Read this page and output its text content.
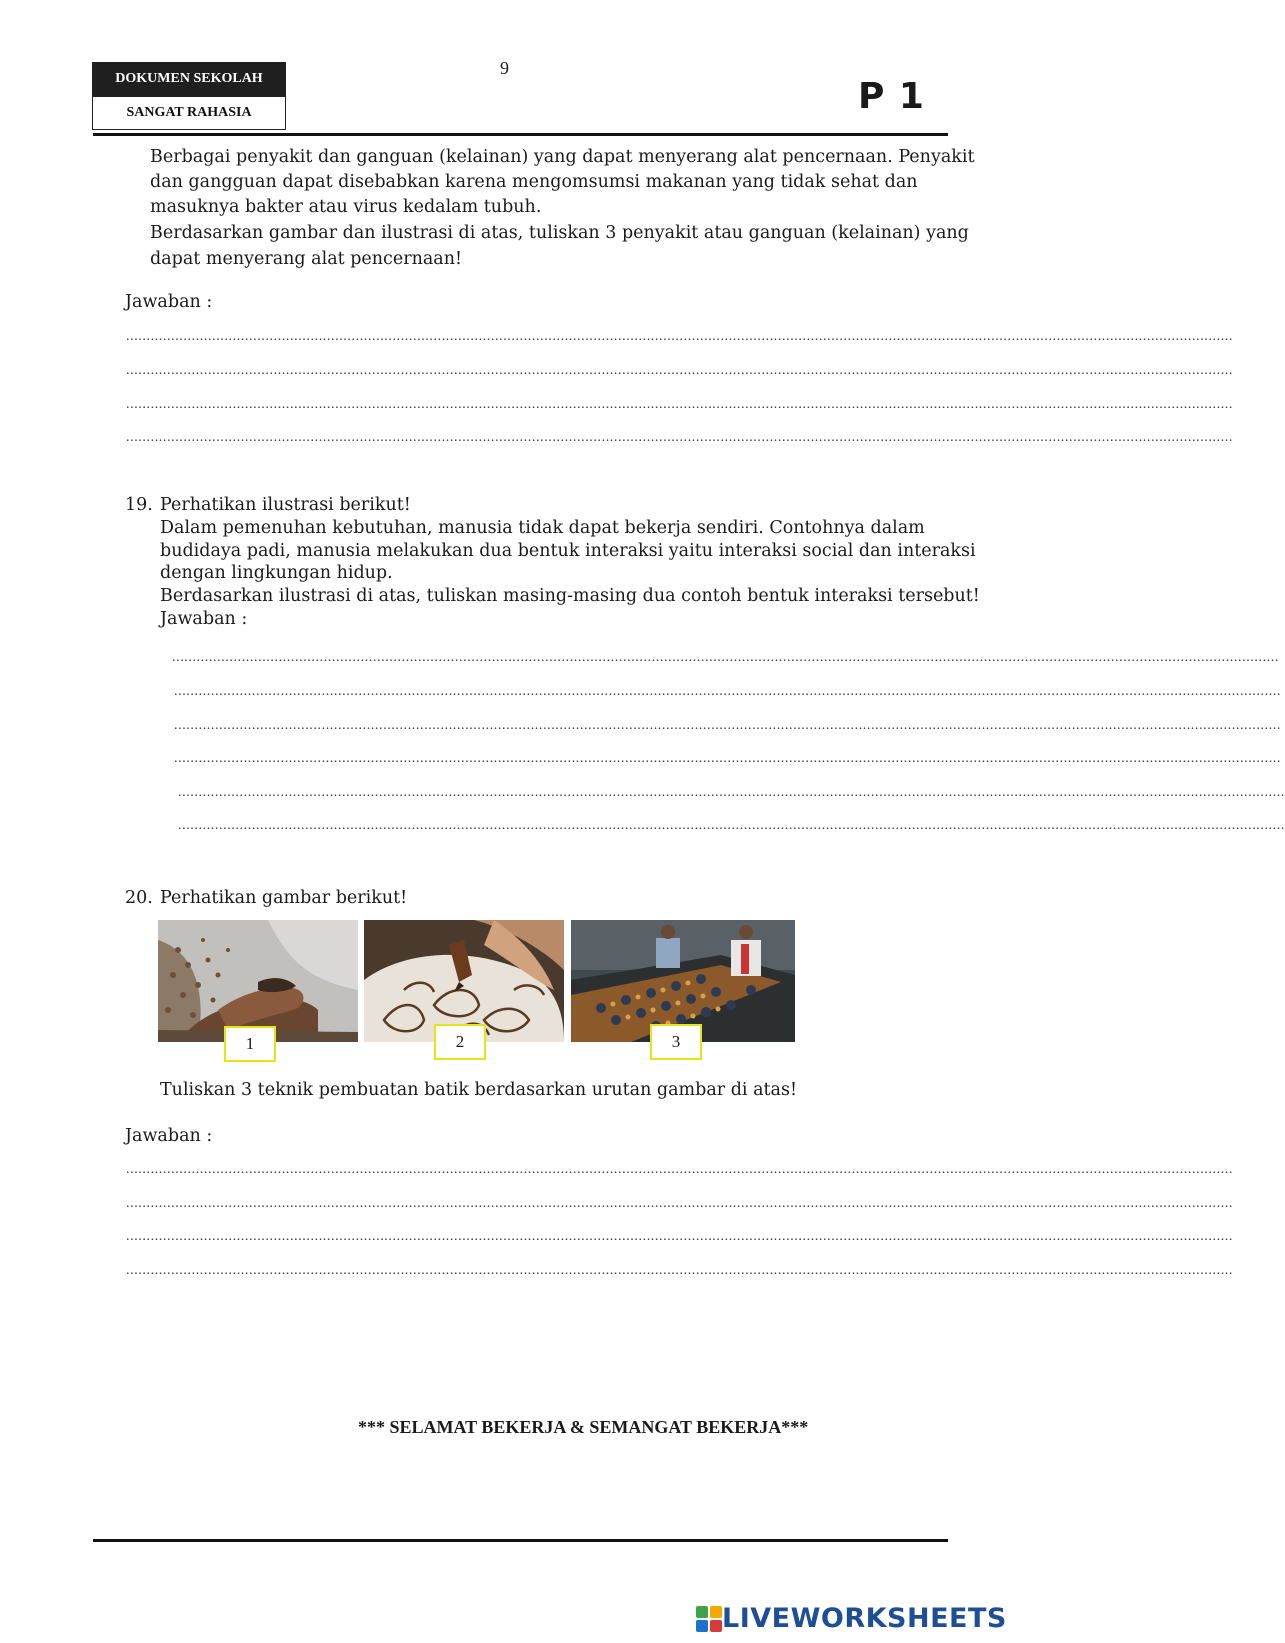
DOKUMEN SEKOLAH
SANGAT RAHASIA
9
P 1
Berbagai penyakit dan ganguan (kelainan) yang dapat menyerang alat pencernaan. Penyakit
dan gangguan dapat disebabkan karena mengomsumsi makanan yang tidak sehat dan
masuknya bakter atau virus kedalam tubuh.
Berdasarkan gambar dan ilustrasi di atas, tuliskan 3 penyakit atau ganguan (kelainan) yang
dapat menyerang alat pencernaan!
Jawaban :
..............................................................................................................................................................................................................................................................................
..............................................................................................................................................................................................................................................................................
..............................................................................................................................................................................................................................................................................
..............................................................................................................................................................................................................................................................................
19. Perhatikan ilustrasi berikut!
Dalam pemenuhan kebutuhan, manusia tidak dapat bekerja sendiri. Contohnya dalam
budidaya padi, manusia melakukan dua bentuk interaksi yaitu interaksi social dan interaksi
dengan lingkungan hidup.
Berdasarkan ilustrasi di atas, tuliskan masing-masing dua contoh bentuk interaksi tersebut!
Jawaban :
..............................................................................................................................................................................................................................................................................
..............................................................................................................................................................................................................................................................................
..............................................................................................................................................................................................................................................................................
..............................................................................................................................................................................................................................................................................
..............................................................................................................................................................................................................................................................................
..............................................................................................................................................................................................................................................................................
20. Perhatikan gambar berikut!
1	2	3
Tuliskan 3 teknik pembuatan batik berdasarkan urutan gambar di atas!
Jawaban :
..............................................................................................................................................................................................................................................................................
..............................................................................................................................................................................................................................................................................
..............................................................................................................................................................................................................................................................................
..............................................................................................................................................................................................................................................................................
*** SELAMAT BEKERJA & SEMANGAT BEKERJA***
LIVEWORKSHEETS
